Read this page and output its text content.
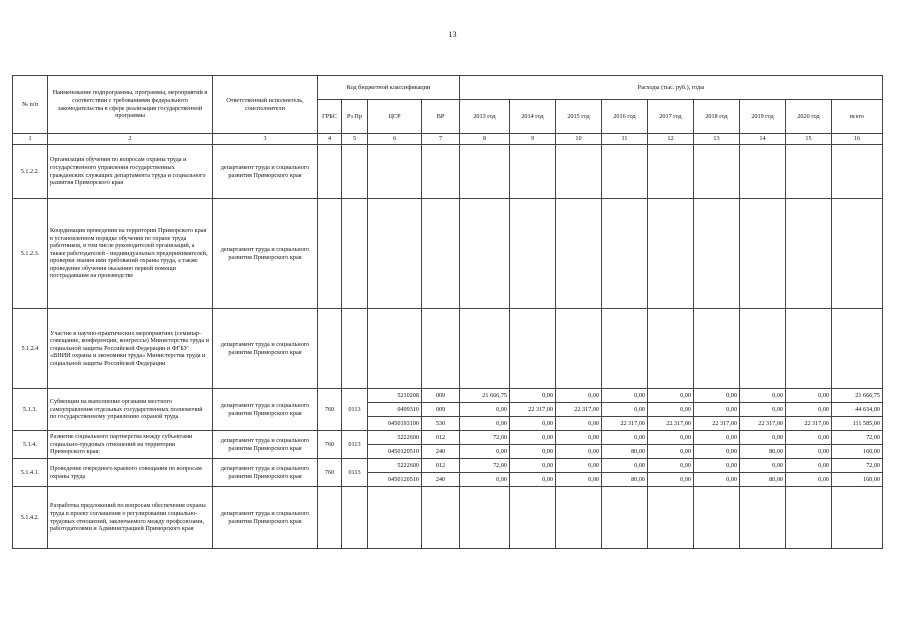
13
№ п/п	Наименование подпрограммы, программы, мероприятий в соответствии с требованиями федерального законодательства в сфере реализации государственной программы	Ответственный исполнитель, соисполнители	Код бюджетной классификации				Расходы (тыс. руб.), годы								
			ГРБС	Рз Пр	ЦСР	ВР	2013 год	2014 год	2015 год	2016 год	2017 год	2018 год	2019 год	2020 год	всего
1	2	3	4	5	6	7	8	9	10	11	12	13	14	15	16
5.1.2.2.	Организация обучения по вопросам охраны труда и государственного управления государственных гражданских служащих департамента труда и социального развития Приморского края	департамент труда и социального развития Приморского края													
5.1.2.3.	Координация проведения на территории Приморского края в установленном порядке обучения по охране труда работников, в том числе руководителей организаций, а также работодателей - индивидуальных предпринимателей, проверки знания ими требований охраны труда, а также проведение обучения оказанию первой помощи пострадавшим на производстве	департамент труда и социального развития Приморского края													
5.1.2.4	Участие в научно-практических мероприятиях (семинар-совещание, конференции, конгрессы) Министерства труда и социальной защиты Российской Федерации и ФГБУ «ВНИИ охраны и экономики труда» Министерства труда и социальной защиты Российской Федерации	департамент труда и социального развития Приморского края													
5.1.3.	Субвенции на выполнение органами местного самоуправления отдельных государственных полномочий по государственному управлению охраной труда	департамент труда и социального развития Приморского края	760	0113	5210208	009	21 666,75	0,00	0,00	0,00	0,00	0,00	0,00	0,00	21 666,75
					0499310	009	0,00	22 317,00	22 317,00	0,00	0,00	0,00	0,00	0,00	44 634,00
					0450193100	530	0,00	0,00	0,00	22 317,00	22 317,00	22 317,00	22 317,00	22 317,00	111 585,00
5.1.4.	Развитие социального партнерства между субъектами социально-трудовых отношений на территории Приморского края:	департамент труда и социального развития Приморского края	760	0113	5222600	012	72,00	0,00	0,00	0,00	0,00	0,00	0,00	0,00	72,00
					0450120510	240	0,00	0,00	0,00	80,00	0,00	0,00	80,00	0,00	160,00
5.1.4.1.	Проведение очередного краевого совещания по вопросам охраны труда	департамент труда и социального развития Приморского края	760	0113	5222600	012	72,00	0,00	0,00	0,00	0,00	0,00	0,00	0,00	72,00
					0450120510	240	0,00	0,00	0,00	80,00	0,00	0,00	80,00	0,00	160,00
5.1.4.2.	Разработка предложений по вопросам обеспечения охраны труда в проект соглашения о регулировании социально-трудовых отношений, заключаемого между профсоюзами, работодателями и Администрацией Приморского края	департамент труда и социального развития Приморского края													
